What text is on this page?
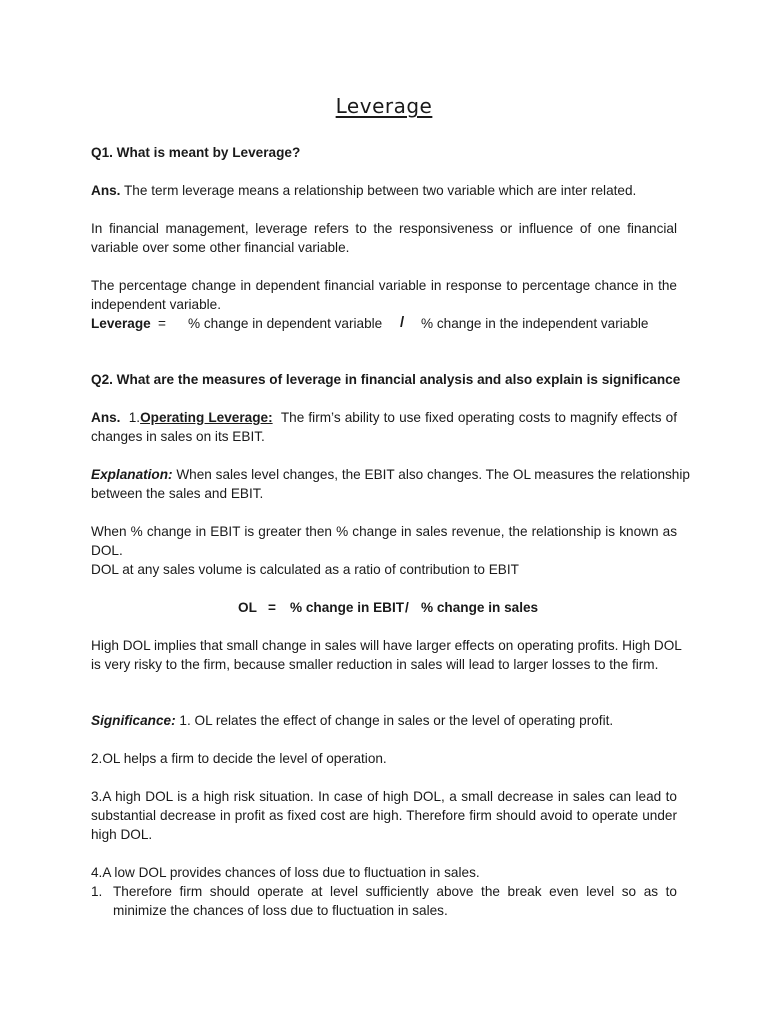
Leverage
Q1. What is meant by Leverage?
Ans. The term leverage means a relationship between two variable which are inter related.
In financial management, leverage refers to the responsiveness or influence of one financial
variable over some other financial variable.
The percentage change in dependent financial variable in response to percentage chance in the
independent variable.
Leverage = % change in dependent variable / % change in the independent variable
Q2. What are the measures of leverage in financial analysis and also explain is significance
Ans. 1.Operating Leverage: The firm’s ability to use fixed operating costs to magnify effects of
changes in sales on its EBIT.
Explanation: When sales level changes, the EBIT also changes. The OL measures the relationship
between the sales and EBIT.
When % change in EBIT is greater then % change in sales revenue, the relationship is known as
DOL.
DOL at any sales volume is calculated as a ratio of contribution to EBIT
OL = % change in EBIT / % change in sales
High DOL implies that small change in sales will have larger effects on operating profits. High DOL
is very risky to the firm, because smaller reduction in sales will lead to larger losses to the firm.
Significance: 1. OL relates the effect of change in sales or the level of operating profit.
2.OL helps a firm to decide the level of operation.
3.A high DOL is a high risk situation. In case of high DOL, a small decrease in sales can lead to
substantial decrease in profit as fixed cost are high. Therefore firm should avoid to operate under
high DOL.
4.A low DOL provides chances of loss due to fluctuation in sales.
1. Therefore firm should operate at level sufficiently above the break even level so as to
minimize the chances of loss due to fluctuation in sales.
